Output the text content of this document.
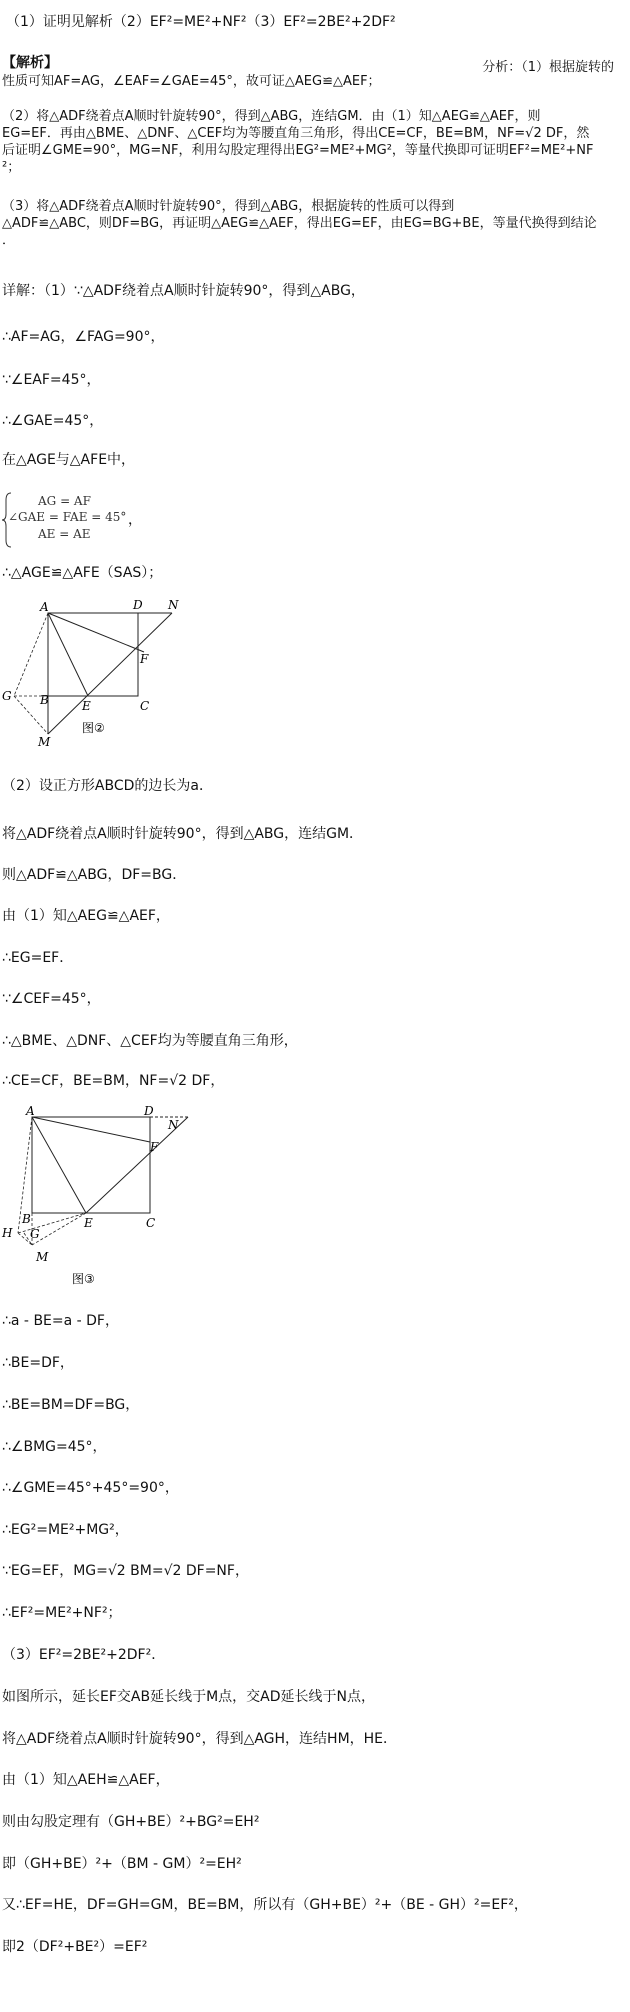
（1）证明见解析（2）EF²=ME²+NF²（3）EF²=2BE²+2DF²
【解析】	分析：（1）根据旋转的
性质可知AF=AG，∠EAF=∠GAE=45°，故可证△AEG≌△AEF；
（2）将△ADF绕着点A顺时针旋转90°，得到△ABG，连结GM．由（1）知△AEG≌△AEF，则
EG=EF．再由△BME、△DNF、△CEF均为等腰直角三角形，得出CE=CF，BE=BM，NF=√2 DF，然
后证明∠GME=90°，MG=NF，利用勾股定理得出EG²=ME²+MG²，等量代换即可证明EF²=ME²+NF
²；
（3）将△ADF绕着点A顺时针旋转90°，得到△ABG，根据旋转的性质可以得到
△ADF≌△ABC，则DF=BG，再证明△AEG≌△AEF，得出EG=EF，由EG=BG+BE，等量代换得到结论
．
详解：（1）∵△ADF绕着点A顺时针旋转90°，得到△ABG，
∴AF=AG，∠FAG=90°，
∵∠EAF=45°，
∴∠GAE=45°，
在△AGE与△AFE中，
AG = AF
∠GAE = FAE = 45°
AE = AE
，
∴△AGE≌△AFE（SAS）；
A	D N
F
G B	E	C
M
图②
（2）设正方形ABCD的边长为a．
将△ADF绕着点A顺时针旋转90°，得到△ABG，连结GM．
则△ADF≌△ABG，DF=BG．
由（1）知△AEG≌△AEF，
∴EG=EF．
∵∠CEF=45°，
∴△BME、△DNF、△CEF均为等腰直角三角形，
∴CE=CF，BE=BM，NF=√2 DF，
A	D
N
F
B	E	C
H G
M
图③
∴a - BE=a - DF，
∴BE=DF，
∴BE=BM=DF=BG，
∴∠BMG=45°，
∴∠GME=45°+45°=90°，
∴EG²=ME²+MG²，
∵EG=EF，MG=√2 BM=√2 DF=NF，
∴EF²=ME²+NF²；
（3）EF²=2BE²+2DF²．
如图所示，延长EF交AB延长线于M点，交AD延长线于N点，
将△ADF绕着点A顺时针旋转90°，得到△AGH，连结HM，HE．
由（1）知△AEH≌△AEF，
则由勾股定理有（GH+BE）²+BG²=EH²
即（GH+BE）²+（BM - GM）²=EH²
又∴EF=HE，DF=GH=GM，BE=BM，所以有（GH+BE）²+（BE - GH）²=EF²，
即2（DF²+BE²）=EF²
